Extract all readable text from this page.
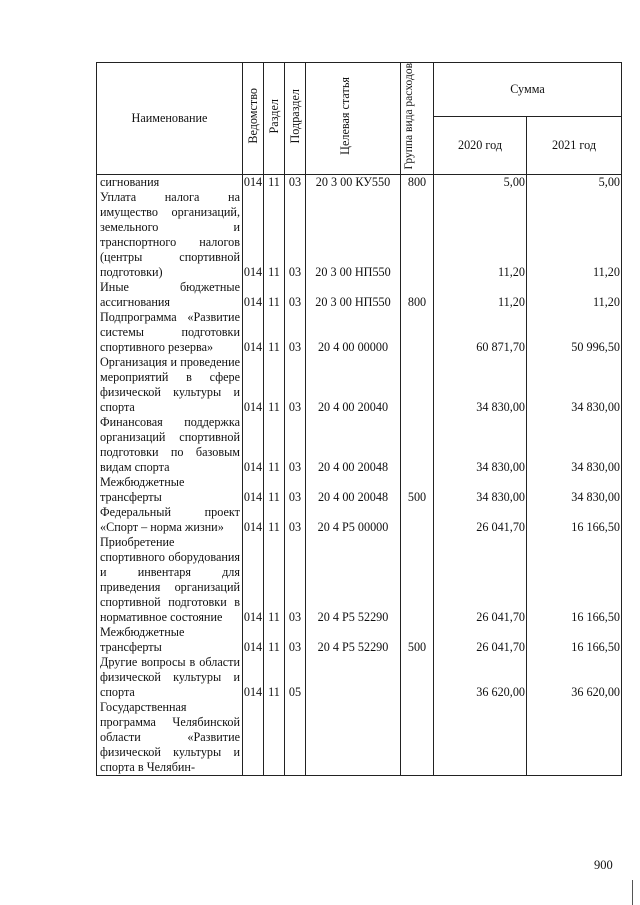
Наименование	Ведомство	Раздел	Подраздел	Целевая статья	Группа вида расходов	Сумма	
						2020 год	2021 год
сигнования	014	11	03	20 3 00 КУ550	800	5,00	5,00
Уплата налога на имущество организаций, земельного и транспортного налогов (центры спортивной подготовки)	014	11	03	20 3 00 НП550		11,20	11,20
Иные бюджетные ассигнования	014	11	03	20 3 00 НП550	800	11,20	11,20
Подпрограмма «Развитие системы подготовки спортивного резерва»	014	11	03	20 4 00 00000		60 871,70	50 996,50
Организация и проведение мероприятий в сфере физической культуры и спорта	014	11	03	20 4 00 20040		34 830,00	34 830,00
Финансовая поддержка организаций спортивной подготовки по базовым видам спорта	014	11	03	20 4 00 20048		34 830,00	34 830,00
Межбюджетные трансферты	014	11	03	20 4 00 20048	500	34 830,00	34 830,00
Федеральный проект «Спорт – норма жизни»	014	11	03	20 4 P5 00000		26 041,70	16 166,50
Приобретение спортивного оборудования и инвентаря для приведения организаций спортивной подготовки в нормативное состояние	014	11	03	20 4 P5 52290		26 041,70	16 166,50
Межбюджетные трансферты	014	11	03	20 4 P5 52290	500	26 041,70	16 166,50
Другие вопросы в области физической культуры и спорта	014	11	05			36 620,00	36 620,00
Государственная программа Челябинской области «Развитие физической культуры и спорта в Челябин-							
900
